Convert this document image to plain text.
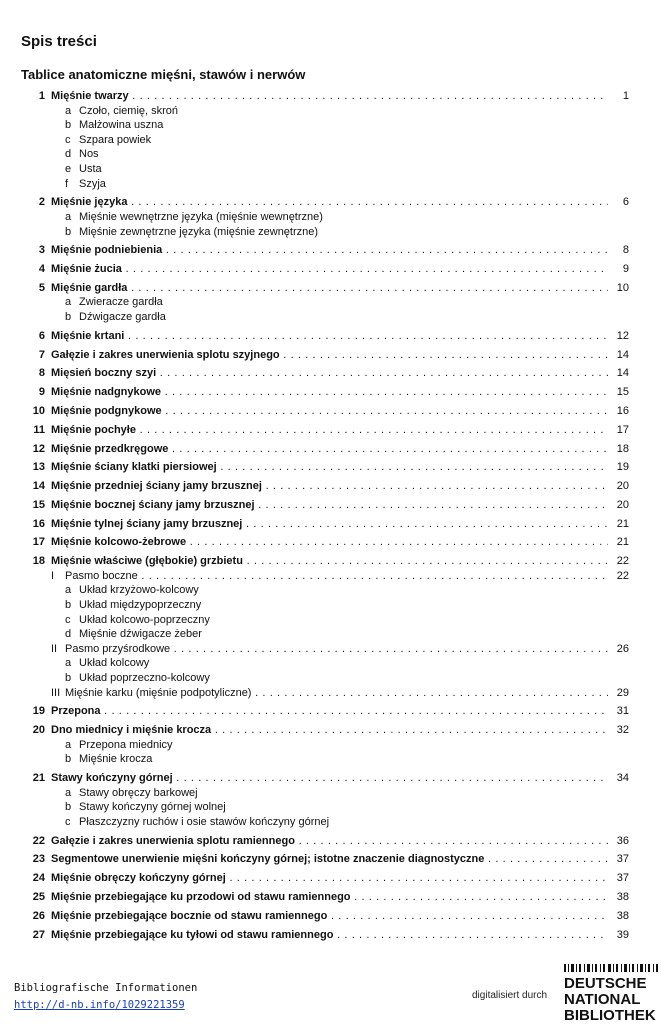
Spis treści
Tablice anatomiczne mięśni, stawów i nerwów
1 Mięśnie twarzy . . .	1
a Czoło, ciemię, skroń
b Małżowina uszna
c Szpara powiek
d Nos
e Usta
f Szyja
2 Mięśnie języka . . .	6
a Mięśnie wewnętrzne języka (mięśnie wewnętrzne)
b Mięśnie zewnętrzne języka (mięśnie zewnętrzne)
3 Mięśnie podniebienia . . .	8
4 Mięśnie żucia . . .	9
5 Mięśnie gardła . . .	10
a Zwieracze gardła
b Dźwigacze gardła
6 Mięśnie krtani . . .	12
7 Gałęzie i zakres unerwienia splotu szyjnego . . .	14
8 Mięsień boczny szyi . . .	14
9 Mięśnie nadgnykowe . . .	15
10 Mięśnie podgnykowe . . .	16
11 Mięśnie pochyłe . . .	17
12 Mięśnie przedkręgowe . . .	18
13 Mięśnie ściany klatki piersiowej . . .	19
14 Mięśnie przedniej ściany jamy brzusznej . . .	20
15 Mięśnie bocznej ściany jamy brzusznej . . .	20
16 Mięśnie tylnej ściany jamy brzusznej . . .	21
17 Mięśnie kolcowo-żebrowe . . .	21
18 Mięśnie właściwe (głębokie) grzbietu . . .	22
I Pasmo boczne . . .	22
a Układ krzyżowo-kolcowy
b Układ międzypoprzeczny
c Układ kolcowo-poprzeczny
d Mięśnie dźwigacze żeber
II Pasmo przyśrodkowe . . .	26
a Układ kolcowy
b Układ poprzeczno-kolcowy
III Mięśnie karku (mięśnie podpotyliczne) . . .	29
19 Przepona . . .	31
20 Dno miednicy i mięśnie krocza . . .	32
a Przepona miednicy
b Mięśnie krocza
21 Stawy kończyny górnej . . .	34
a Stawy obręczy barkowej
b Stawy kończyny górnej wolnej
c Płaszczyzny ruchów i osie stawów kończyny górnej
22 Gałęzie i zakres unerwienia splotu ramiennego . . .	36
23 Segmentowe unerwienie mięśni kończyny górnej; istotne znaczenie diagnostyczne . . .	37
24 Mięśnie obręczy kończyny górnej . . .	37
25 Mięśnie przebiegające ku przodowi od stawu ramiennego . . .	38
26 Mięśnie przebiegające bocznie od stawu ramiennego . . .	38
27 Mięśnie przebiegające ku tyłowi od stawu ramiennego . . .	39
Bibliografische Informationen
http://d-nb.info/1029221359
digitalisiert durch
DEUTSCHE
NATIONAL
BIBLIOTHEK
